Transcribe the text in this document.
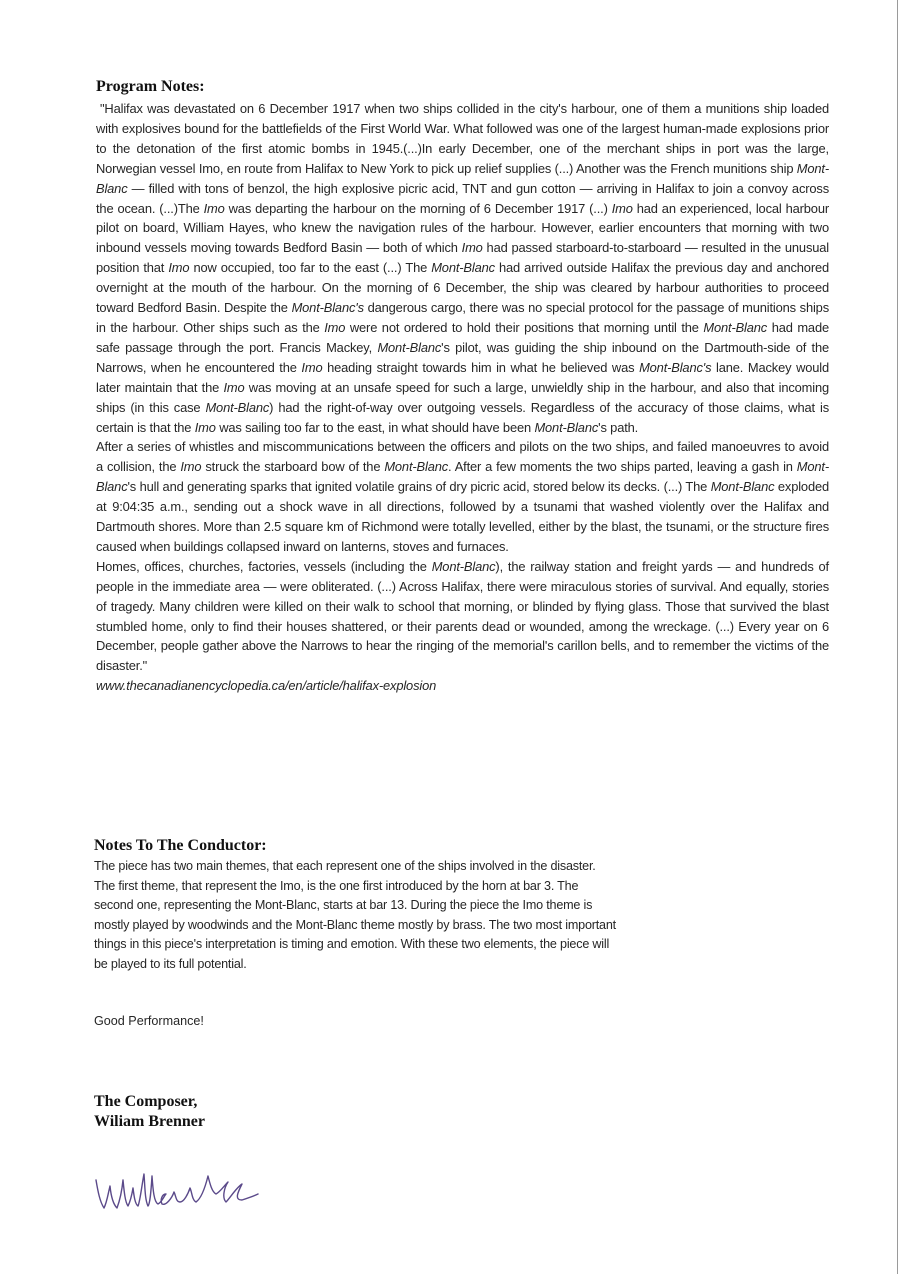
Program Notes:

"Halifax was devastated on 6 December 1917 when two ships collided in the city's harbour, one of them a munitions ship loaded with explosives bound for the battlefields of the First World War. What followed was one of the largest human-made explosions prior to the detonation of the first atomic bombs in 1945.(...)In early December, one of the merchant ships in port was the large, Norwegian vessel Imo, en route from Halifax to New York to pick up relief supplies (...) Another was the French munitions ship Mont-Blanc — filled with tons of benzol, the high explosive picric acid, TNT and gun cotton — arriving in Halifax to join a convoy across the ocean. (...)The Imo was departing the harbour on the morning of 6 December 1917 (...) Imo had an experienced, local harbour pilot on board, William Hayes, who knew the navigation rules of the harbour. However, earlier encounters that morning with two inbound vessels moving towards Bedford Basin — both of which Imo had passed starboard-to-starboard — resulted in the unusual position that Imo now occupied, too far to the east (...) The Mont-Blanc had arrived outside Halifax the previous day and anchored overnight at the mouth of the harbour. On the morning of 6 December, the ship was cleared by harbour authorities to proceed toward Bedford Basin. Despite the Mont-Blanc's dangerous cargo, there was no special protocol for the passage of munitions ships in the harbour. Other ships such as the Imo were not ordered to hold their positions that morning until the Mont-Blanc had made safe passage through the port. Francis Mackey, Mont-Blanc's pilot, was guiding the ship inbound on the Dartmouth-side of the Narrows, when he encountered the Imo heading straight towards him in what he believed was Mont-Blanc's lane. Mackey would later maintain that the Imo was moving at an unsafe speed for such a large, unwieldly ship in the harbour, and also that incoming ships (in this case Mont-Blanc) had the right-of-way over outgoing vessels. Regardless of the accuracy of those claims, what is certain is that the Imo was sailing too far to the east, in what should have been Mont-Blanc's path.

After a series of whistles and miscommunications between the officers and pilots on the two ships, and failed manoeuvres to avoid a collision, the Imo struck the starboard bow of the Mont-Blanc. After a few moments the two ships parted, leaving a gash in Mont-Blanc's hull and generating sparks that ignited volatile grains of dry picric acid, stored below its decks. (...) The Mont-Blanc exploded at 9:04:35 a.m., sending out a shock wave in all directions, followed by a tsunami that washed violently over the Halifax and Dartmouth shores. More than 2.5 square km of Richmond were totally levelled, either by the blast, the tsunami, or the structure fires caused when buildings collapsed inward on lanterns, stoves and furnaces.

Homes, offices, churches, factories, vessels (including the Mont-Blanc), the railway station and freight yards — and hundreds of people in the immediate area — were obliterated. (...) Across Halifax, there were miraculous stories of survival. And equally, stories of tragedy. Many children were killed on their walk to school that morning, or blinded by flying glass. Those that survived the blast stumbled home, only to find their houses shattered, or their parents dead or wounded, among the wreckage. (...) Every year on 6 December, people gather above the Narrows to hear the ringing of the memorial's carillon bells, and to remember the victims of the disaster."

www.thecanadianencyclopedia.ca/en/article/halifax-explosion

Notes To The Conductor:

The piece has two main themes, that each represent one of the ships involved in the disaster. The first theme, that represent the Imo, is the one first introduced by the horn at bar 3. The second one, representing the Mont-Blanc, starts at bar 13. During the piece the Imo theme is mostly played by woodwinds and the Mont-Blanc theme mostly by brass. The two most important things in this piece's interpretation is timing and emotion. With these two elements, the piece will be played to its full potential.

Good Performance!

The Composer,
Wiliam Brenner
